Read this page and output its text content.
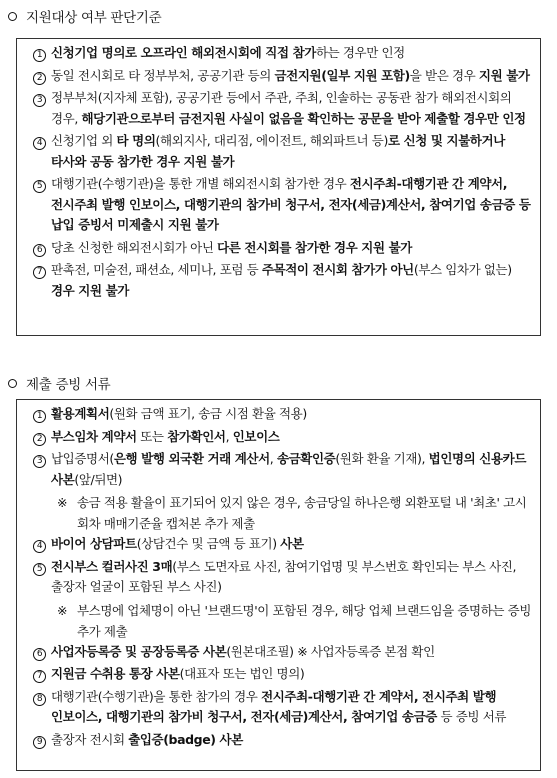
지원대상 여부 판단기준
1 신청기업 명의로 오프라인 해외전시회에 직접 참가하는 경우만 인정
2 동일 전시회로 타 정부부처, 공공기관 등의 금전지원(일부 지원 포함)을 받은 경우 지원 불가
3 정부부처(지자체 포함), 공공기관 등에서 주관, 주최, 인솔하는 공동관 참가 해외전시회의 경우, 해당기관으로부터 금전지원 사실이 없음을 확인하는 공문을 받아 제출할 경우만 인정
4 신청기업 외 타 명의(해외지사, 대리점, 에이전트, 해외파트너 등)로 신청 및 지불하거나 타사와 공동 참가한 경우 지원 불가
5 대행기관(수행기관)을 통한 개별 해외전시회 참가한 경우 전시주최-대행기관 간 계약서, 전시주최 발행 인보이스, 대행기관의 참가비 청구서, 전자(세금)계산서, 참여기업 송금증 등 납입 증빙서 미제출시 지원 불가
6 당초 신청한 해외전시회가 아닌 다른 전시회를 참가한 경우 지원 불가
7 판촉전, 미술전, 패션쇼, 세미나, 포럼 등 주목적이 전시회 참가가 아닌(부스 임차가 없는) 경우 지원 불가
제출 증빙 서류
1 활용계획서(원화 금액 표기, 송금 시점 환율 적용)
2 부스임차 계약서 또는 참가확인서, 인보이스
3 납입증명서(은행 발행 외국환 거래 계산서, 송금확인증(원화 환율 기재), 법인명의 신용카드 사본(앞/뒤면)
※ 송금 적용 활율이 표기되어 있지 않은 경우, 송금당일 하나은행 외환포털 내 '최초' 고시회차 매매기준율 캡처본 추가 제출
4 바이어 상담파트(상담건수 및 금액 등 표기) 사본
5 전시부스 컬러사진 3매(부스 도면자료 사진, 참여기업명 및 부스번호 확인되는 부스 사진, 출장자 얼굴이 포함된 부스 사진)
※ 부스명에 업체명이 아닌 '브랜드명'이 포함된 경우, 해당 업체 브랜드임을 증명하는 증빙 추가 제출
6 사업자등록증 및 공장등록증 사본(원본대조필) ※ 사업자등록증 본점 확인
7 지원금 수취용 통장 사본(대표자 또는 법인 명의)
8 대행기관(수행기관)을 통한 참가의 경우 전시주최-대행기관 간 계약서, 전시주최 발행 인보이스, 대행기관의 참가비 청구서, 전자(세금)계산서, 참여기업 송금증 등 증빙 서류
9 출장자 전시회 출입증(badge) 사본
